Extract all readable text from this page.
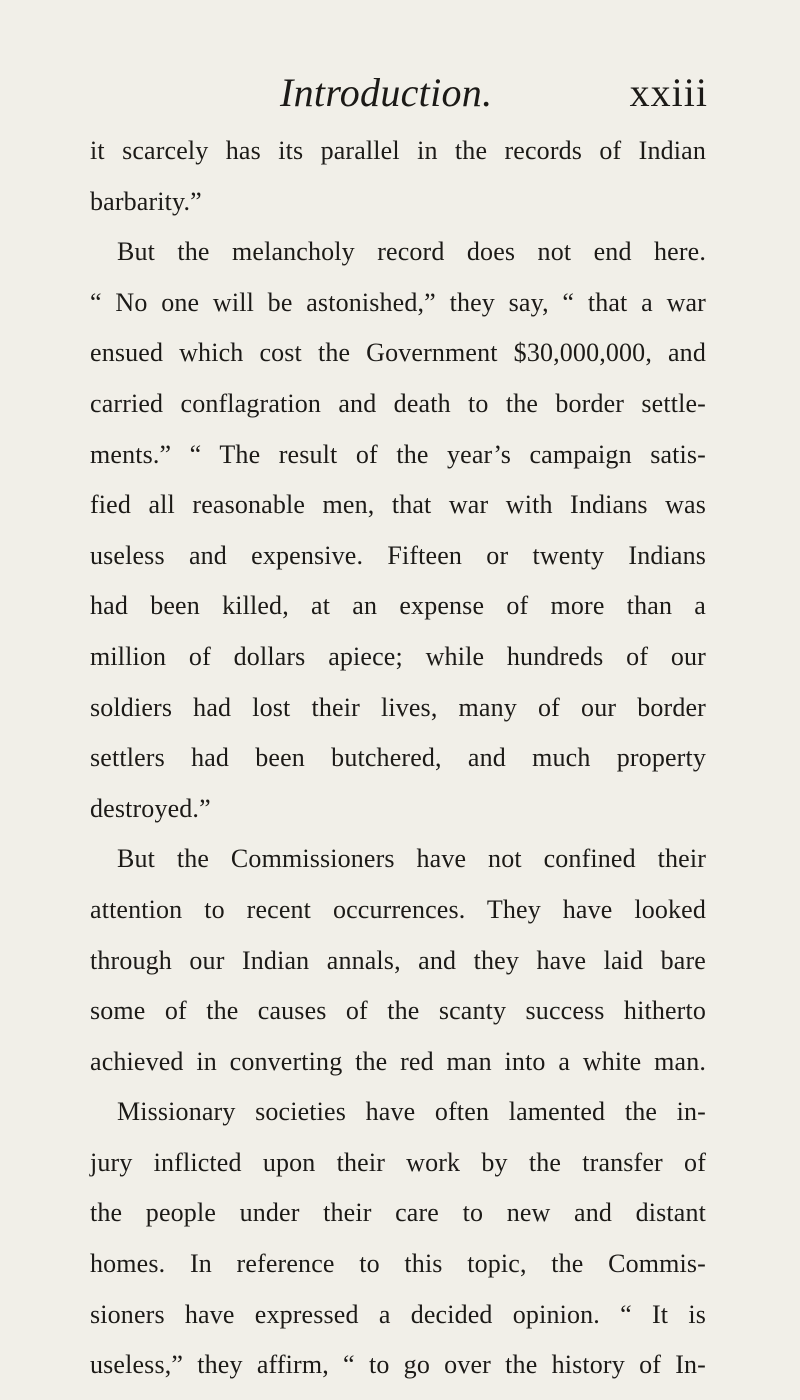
Introduction.	xxiii
it scarcely has its parallel in the records of Indian
barbarity.”
But the melancholy record does not end here.
“ No one will be astonished,” they say, “ that a war
ensued which cost the Government $30,000,000, and
carried conflagration and death to the border settle-
ments.” “ The result of the year’s campaign satis-
fied all reasonable men, that war with Indians was
useless and expensive. Fifteen or twenty Indians
had been killed, at an expense of more than a
million of dollars apiece; while hundreds of our
soldiers had lost their lives, many of our border
settlers had been butchered, and much property
destroyed.”
But the Commissioners have not confined their
attention to recent occurrences. They have looked
through our Indian annals, and they have laid bare
some of the causes of the scanty success hitherto
achieved in converting the red man into a white man.
Missionary societies have often lamented the in-
jury inflicted upon their work by the transfer of
the people under their care to new and distant
homes. In reference to this topic, the Commis-
sioners have expressed a decided opinion. “ It is
useless,” they affirm, “ to go over the history of In-
